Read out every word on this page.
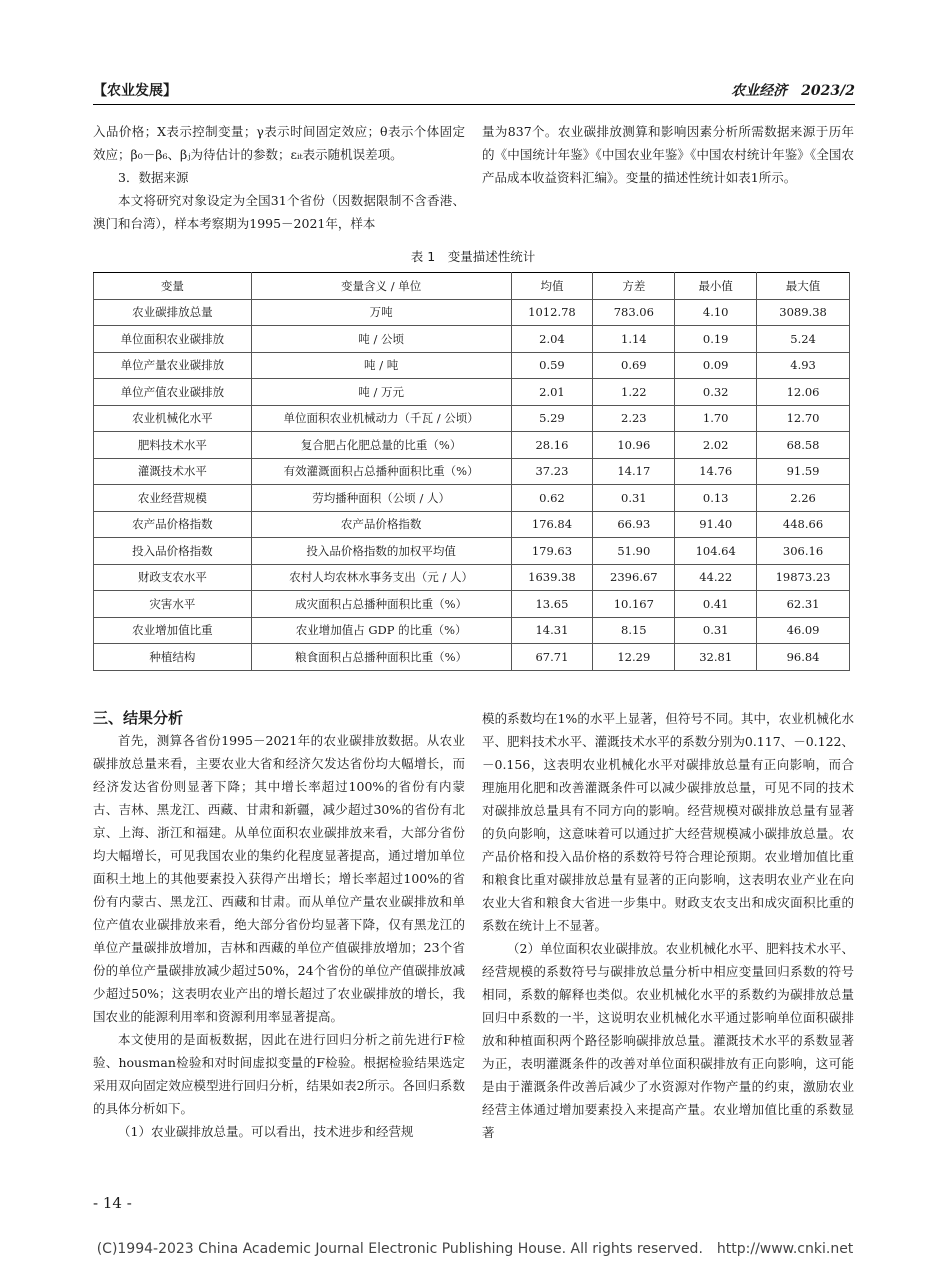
【农业发展】	农业经济　2023/2

入品价格；X表示控制变量；γ表示时间固定效应；θ表示个体固定效应；β₀－β₆、βⱼ为待估计的参数；εᵢₜ表示随机误差项。

3．数据来源

本文将研究对象设定为全国31个省份（因数据限制不含香港、澳门和台湾），样本考察期为1995－2021年，样本

量为837个。农业碳排放测算和影响因素分析所需数据来源于历年的《中国统计年鉴》《中国农业年鉴》《中国农村统计年鉴》《全国农产品成本收益资料汇编》。变量的描述性统计如表1所示。

表 1　变量描述性统计
变量	变量含义 / 单位	均值	方差	最小值	最大值
农业碳排放总量	万吨	1012.78	783.06	4.10	3089.38
单位面积农业碳排放	吨 / 公顷	2.04	1.14	0.19	5.24
单位产量农业碳排放	吨 / 吨	0.59	0.69	0.09	4.93
单位产值农业碳排放	吨 / 万元	2.01	1.22	0.32	12.06
农业机械化水平	单位面积农业机械动力（千瓦 / 公顷）	5.29	2.23	1.70	12.70
肥料技术水平	复合肥占化肥总量的比重（%）	28.16	10.96	2.02	68.58
灌溉技术水平	有效灌溉面积占总播种面积比重（%）	37.23	14.17	14.76	91.59
农业经营规模	劳均播种面积（公顷 / 人）	0.62	0.31	0.13	2.26
农产品价格指数	农产品价格指数	176.84	66.93	91.40	448.66
投入品价格指数	投入品价格指数的加权平均值	179.63	51.90	104.64	306.16
财政支农水平	农村人均农林水事务支出（元 / 人）	1639.38	2396.67	44.22	19873.23
灾害水平	成灾面积占总播种面积比重（%）	13.65	10.167	0.41	62.31
农业增加值比重	农业增加值占 GDP 的比重（%）	14.31	8.15	0.31	46.09
种植结构	粮食面积占总播种面积比重（%）	67.71	12.29	32.81	96.84

三、结果分析

首先，测算各省份1995－2021年的农业碳排放数据。从农业碳排放总量来看，主要农业大省和经济欠发达省份均大幅增长，而经济发达省份则显著下降；其中增长率超过100%的省份有内蒙古、吉林、黑龙江、西藏、甘肃和新疆，减少超过30%的省份有北京、上海、浙江和福建。从单位面积农业碳排放来看，大部分省份均大幅增长，可见我国农业的集约化程度显著提高，通过增加单位面积土地上的其他要素投入获得产出增长；增长率超过100%的省份有内蒙古、黑龙江、西藏和甘肃。而从单位产量农业碳排放和单位产值农业碳排放来看，绝大部分省份均显著下降，仅有黑龙江的单位产量碳排放增加，吉林和西藏的单位产值碳排放增加；23个省份的单位产量碳排放减少超过50%，24个省份的单位产值碳排放减少超过50%；这表明农业产出的增长超过了农业碳排放的增长，我国农业的能源利用率和资源利用率显著提高。

本文使用的是面板数据，因此在进行回归分析之前先进行F检验、housman检验和对时间虚拟变量的F检验。根据检验结果选定采用双向固定效应模型进行回归分析，结果如表2所示。各回归系数的具体分析如下。

（1）农业碳排放总量。可以看出，技术进步和经营规

模的系数均在1%的水平上显著，但符号不同。其中，农业机械化水平、肥料技术水平、灌溉技术水平的系数分别为0.117、－0.122、－0.156，这表明农业机械化水平对碳排放总量有正向影响，而合理施用化肥和改善灌溉条件可以减少碳排放总量，可见不同的技术对碳排放总量具有不同方向的影响。经营规模对碳排放总量有显著的负向影响，这意味着可以通过扩大经营规模减小碳排放总量。农产品价格和投入品价格的系数符号符合理论预期。农业增加值比重和粮食比重对碳排放总量有显著的正向影响，这表明农业产业在向农业大省和粮食大省进一步集中。财政支农支出和成灾面积比重的系数在统计上不显著。

（2）单位面积农业碳排放。农业机械化水平、肥料技术水平、经营规模的系数符号与碳排放总量分析中相应变量回归系数的符号相同，系数的解释也类似。农业机械化水平的系数约为碳排放总量回归中系数的一半，这说明农业机械化水平通过影响单位面积碳排放和种植面积两个路径影响碳排放总量。灌溉技术水平的系数显著为正，表明灌溉条件的改善对单位面积碳排放有正向影响，这可能是由于灌溉条件改善后减少了水资源对作物产量的约束，激励农业经营主体通过增加要素投入来提高产量。农业增加值比重的系数显著

- 14 -
(C)1994-2023 China Academic Journal Electronic Publishing House. All rights reserved.　http://www.cnki.net
